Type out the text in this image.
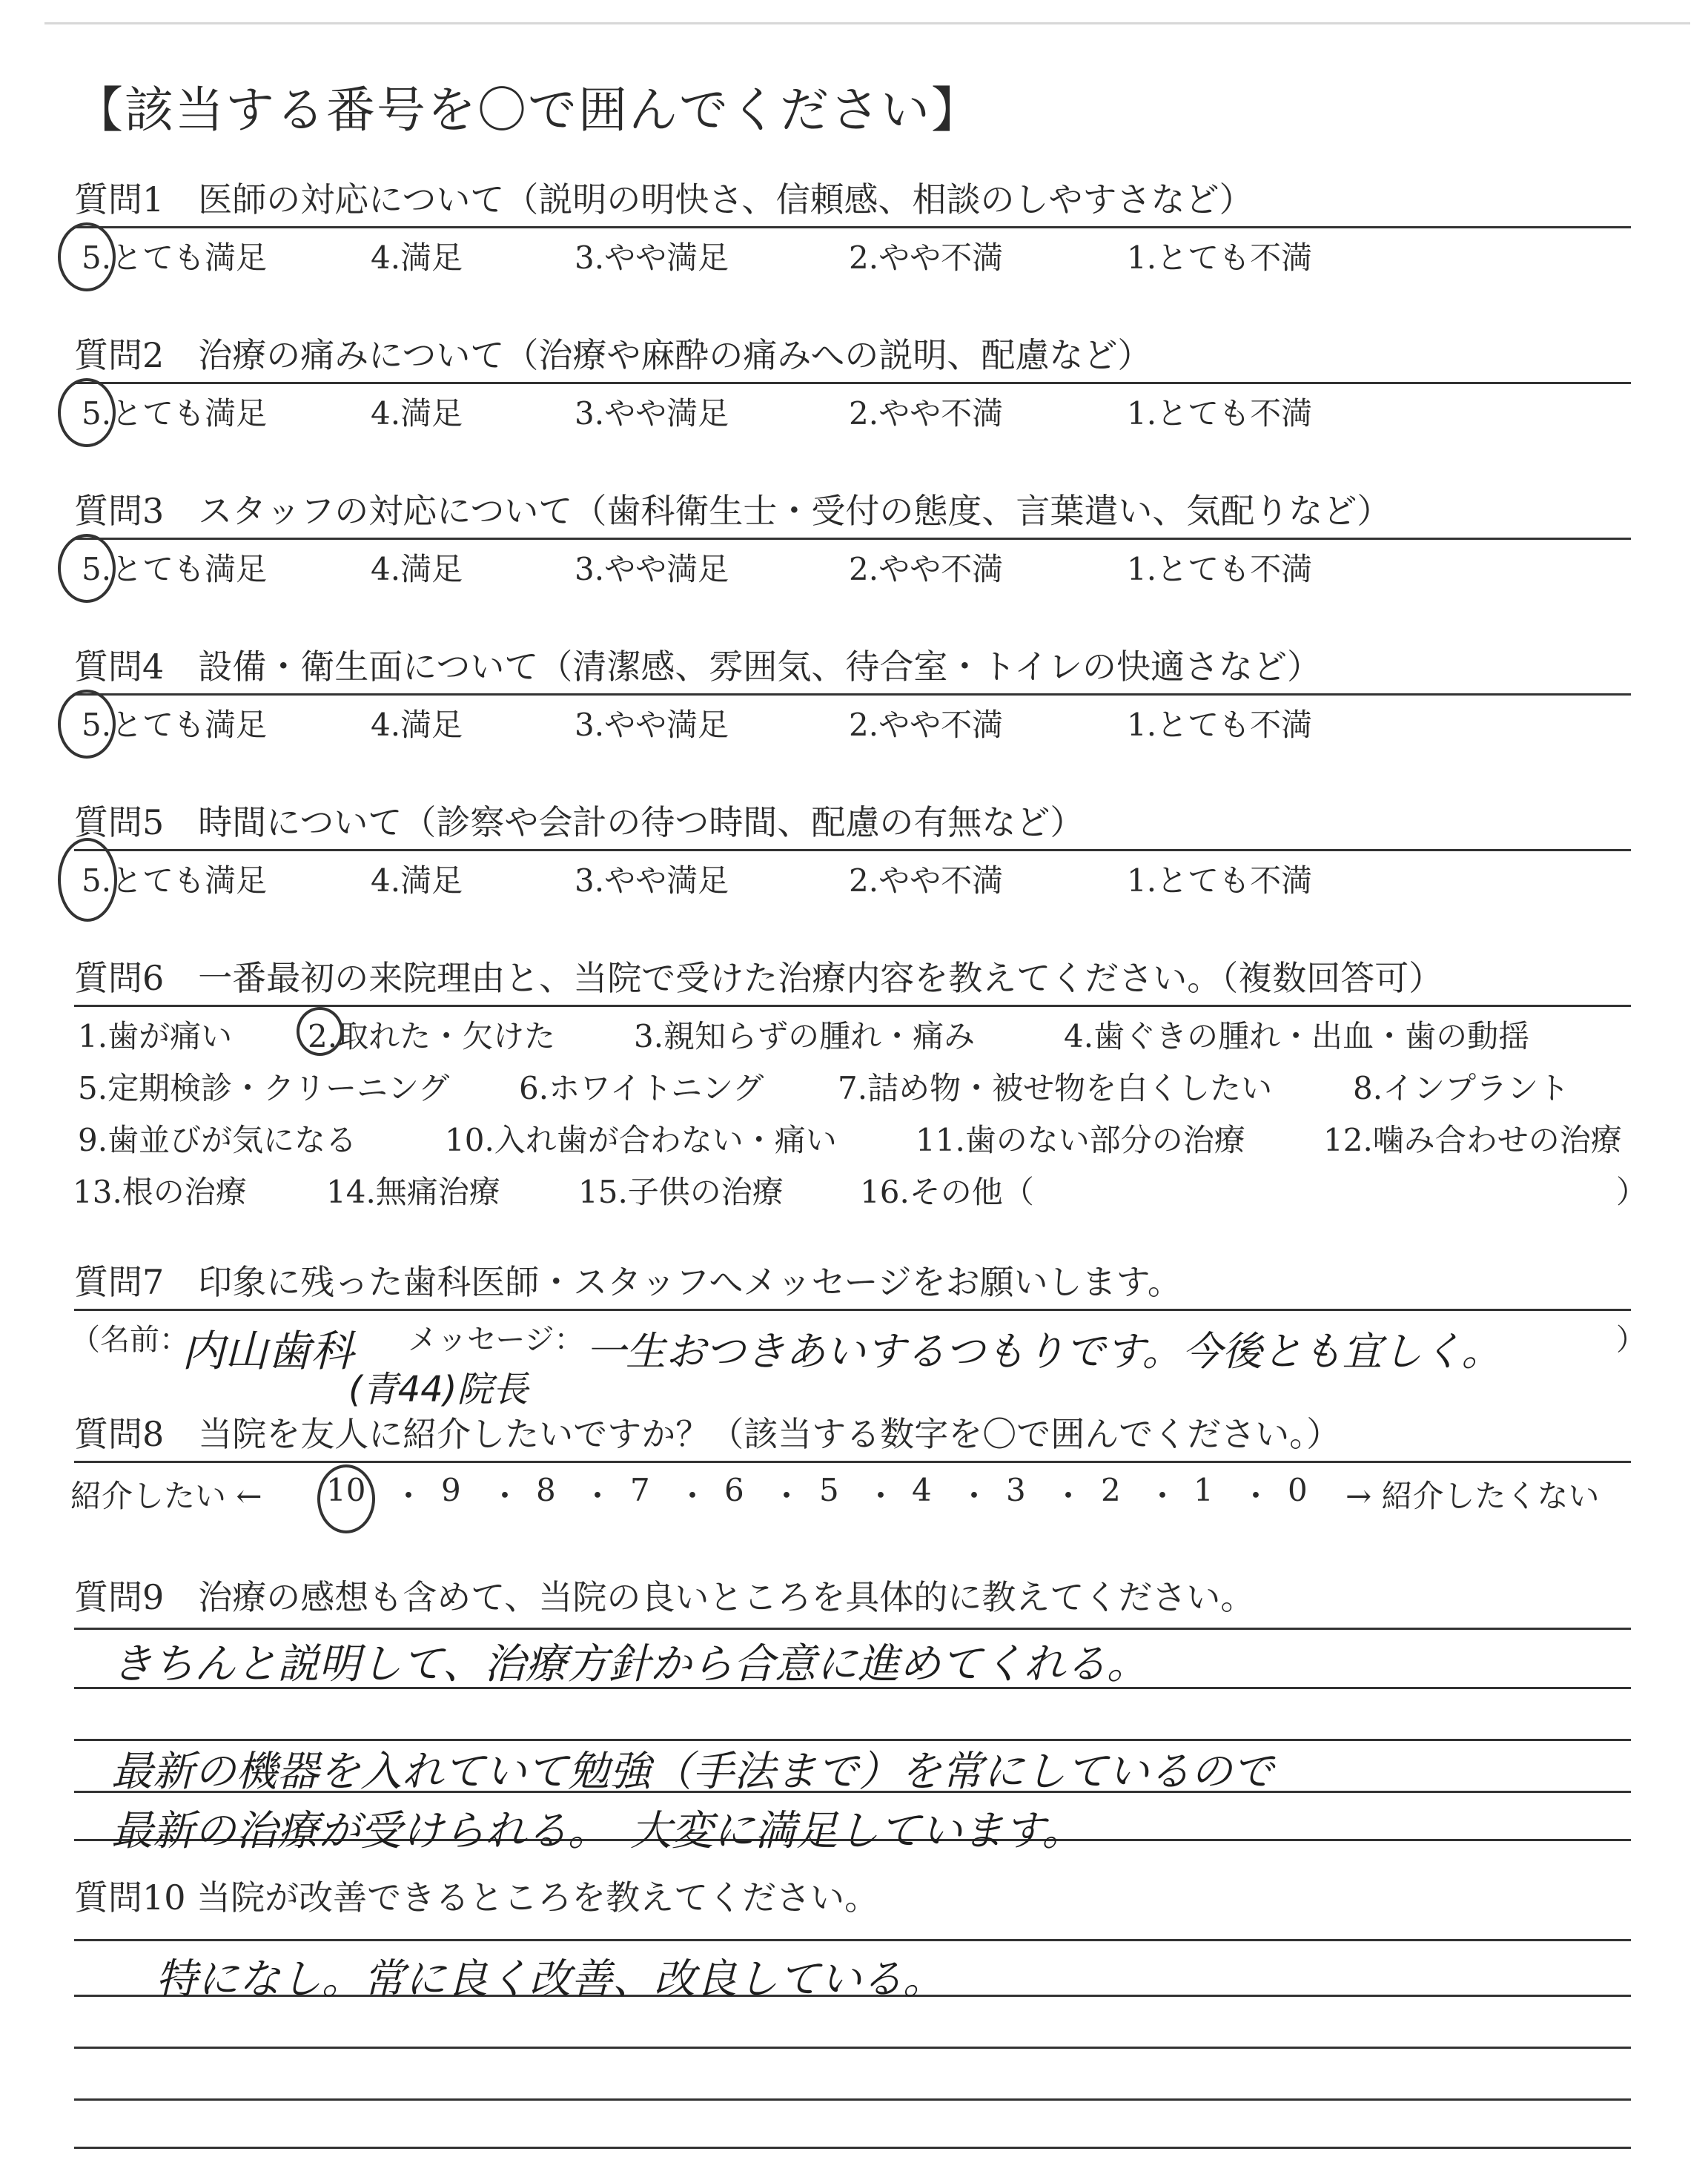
【該当する番号を〇で囲んでください】
質問1　医師の対応について（説明の明快さ、信頼感、相談のしやすさなど）
5.とても満足	4.満足	3.やや満足	2.やや不満	1.とても不満
質問2　治療の痛みについて（治療や麻酔の痛みへの説明、配慮など）
5.とても満足	4.満足	3.やや満足	2.やや不満	1.とても不満
質問3　スタッフの対応について（歯科衛生士・受付の態度、言葉遣い、気配りなど）
5.とても満足	4.満足	3.やや満足	2.やや不満	1.とても不満
質問4　設備・衛生面について（清潔感、雰囲気、待合室・トイレの快適さなど）
5.とても満足	4.満足	3.やや満足	2.やや不満	1.とても不満
質問5　時間について（診察や会計の待つ時間、配慮の有無など）
5.とても満足	4.満足	3.やや満足	2.やや不満	1.とても不満
質問6　一番最初の来院理由と、当院で受けた治療内容を教えてください。（複数回答可）
1.歯が痛い 2.取れた・欠けた	3.親知らずの腫れ・痛み	4.歯ぐきの腫れ・出血・歯の動揺
5.定期検診・クリーニング 6.ホワイトニング 7.詰め物・被せ物を白くしたい	8.インプラント
9.歯並びが気になる	10.入れ歯が合わない・痛い	11.歯のない部分の治療	12.噛み合わせの治療
13.根の治療	14.無痛治療	15.子供の治療 16.その他（	）
質問7　印象に残った歯科医師・スタッフへメッセージをお願いします。
（名前：	メッセージ：	）
内山歯科
(青44)院長
一生おつきあいするつもりです。今後とも宜しく。
質問8　当院を友人に紹介したいですか？（該当する数字を〇で囲んでください。）
紹介したい ← 10 ・ 9 ・ 8 ・ 7 ・ 6 ・ 5 ・ 4 ・ 3 ・ 2 ・ 1 ・ 0 → 紹介したくない
質問9　治療の感想も含めて、当院の良いところを具体的に教えてください。
きちんと説明して、治療方針から合意に進めてくれる。
最新の機器を入れていて勉強（手法まで）を常にしているので
最新の治療が受けられる。　大変に満足しています。
質問10 当院が改善できるところを教えてください。
特になし。常に良く改善、改良している。
